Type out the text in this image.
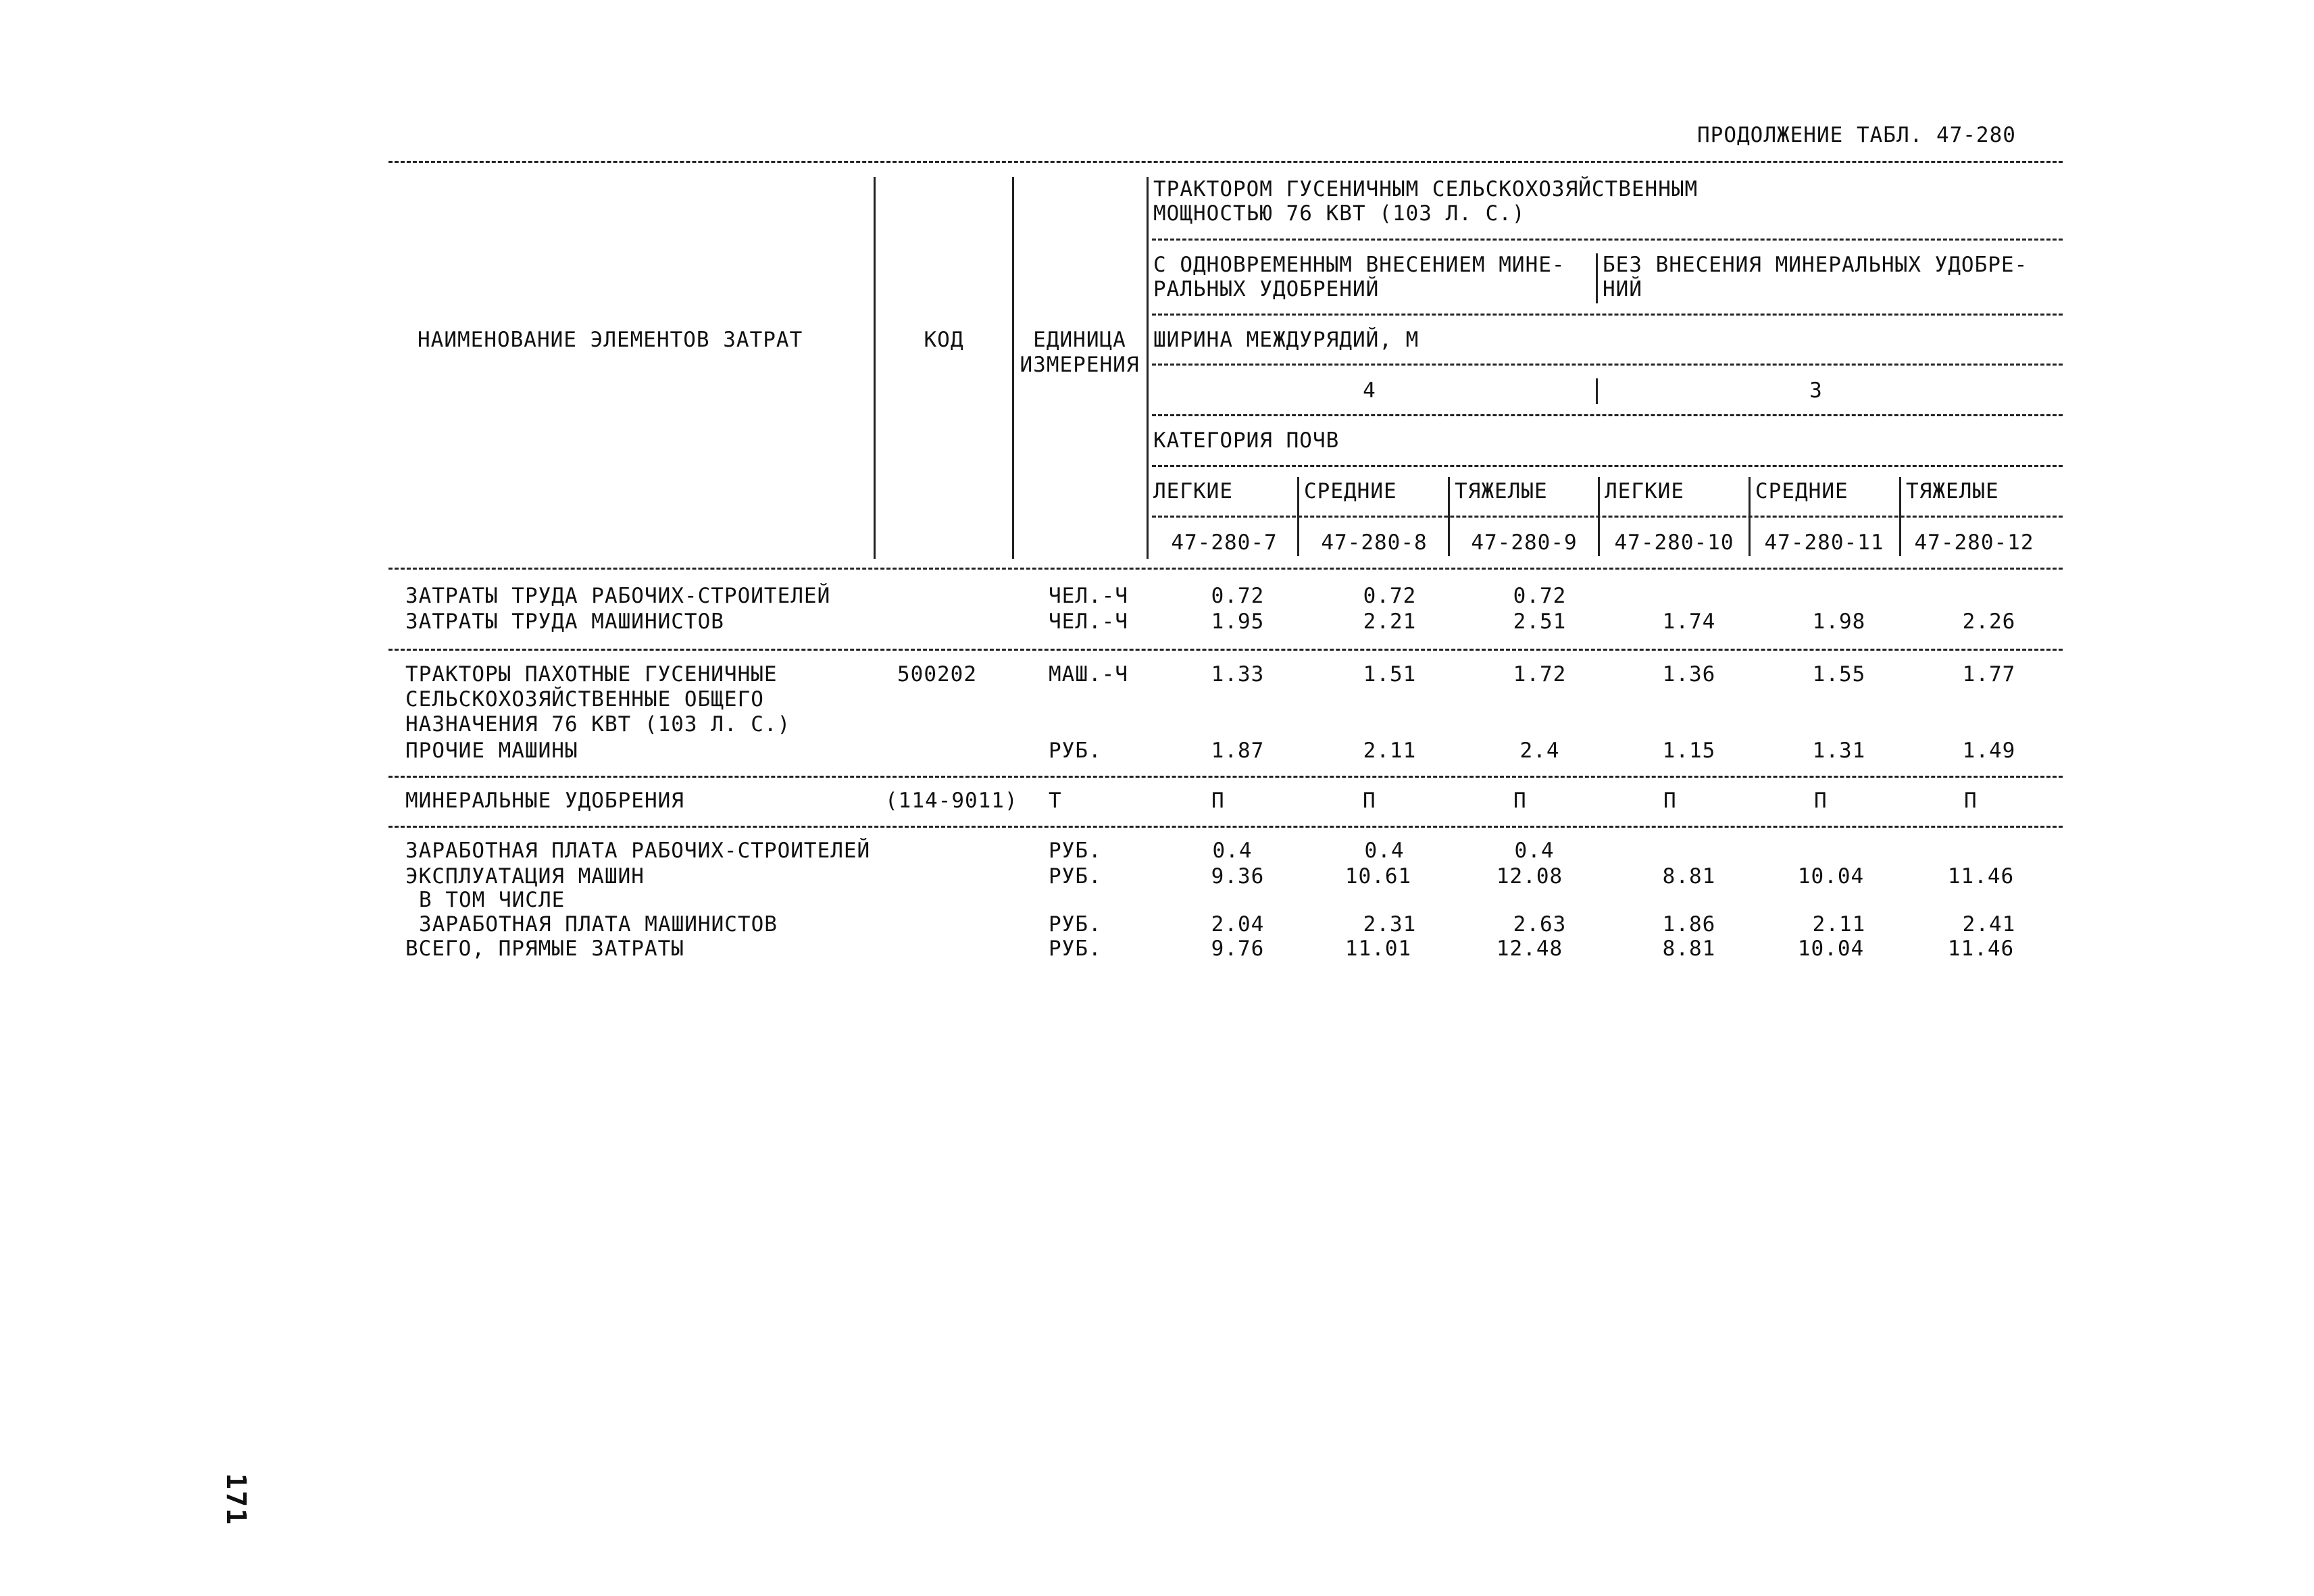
ПРОДОЛЖЕНИЕ ТАБЛ. 47-280
НАИМЕНОВАНИЕ ЭЛЕМЕНТОВ ЗАТРАТ	КОД	ЕДИНИЦА
ИЗМЕРЕНИЯ
ТРАКТОРОМ ГУСЕНИЧНЫМ СЕЛЬСКОХОЗЯЙСТВЕННЫМ
МОЩНОСТЬЮ 76 КВТ (103 Л. С.)
С ОДНОВРЕМЕННЫМ ВНЕСЕНИЕМ МИНЕ-
РАЛЬНЫХ УДОБРЕНИЙ
БЕЗ ВНЕСЕНИЯ МИНЕРАЛЬНЫХ УДОБРЕ-
НИЙ
ШИРИНА МЕЖДУРЯДИЙ, М
4	3
КАТЕГОРИЯ ПОЧВ
ЛЕГКИЕ	СРЕДНИЕ	ТЯЖЕЛЫЕ	ЛЕГКИЕ	СРЕДНИЕ	ТЯЖЕЛЫЕ
47-280-7 47-280-8 47-280-9 47-280-10 47-280-11 47-280-12
ЗАТРАТЫ ТРУДА РАБОЧИХ-СТРОИТЕЛЕЙ	ЧЕЛ.-Ч	0.72	0.72	0.72
ЗАТРАТЫ ТРУДА МАШИНИСТОВ	ЧЕЛ.-Ч	1.95	2.21	2.51	1.74	1.98	2.26
ТРАКТОРЫ ПАХОТНЫЕ ГУСЕНИЧНЫЕ
СЕЛЬСКОХОЗЯЙСТВЕННЫЕ ОБЩЕГО
НАЗНАЧЕНИЯ 76 КВТ (103 Л. С.)
500202	МАШ.-Ч	1.33	1.51	1.72	1.36	1.55	1.77
ПРОЧИЕ МАШИНЫ	РУБ.	1.87	2.11	2.4	1.15	1.31	1.49
МИНЕРАЛЬНЫЕ УДОБРЕНИЯ	(114-9011) Т	П	П	П	П	П	П
ЗАРАБОТНАЯ ПЛАТА РАБОЧИХ-СТРОИТЕЛЕЙ	РУБ.	0.4	0.4	0.4
ЭКСПЛУАТАЦИЯ МАШИН	РУБ.	9.36	10.61	12.08	8.81	10.04	11.46
В ТОМ ЧИСЛЕ
ЗАРАБОТНАЯ ПЛАТА МАШИНИСТОВ	РУБ.	2.04	2.31	2.63	1.86	2.11	2.41
ВСЕГО, ПРЯМЫЕ ЗАТРАТЫ	РУБ.	9.76	11.01	12.48	8.81	10.04	11.46
171
